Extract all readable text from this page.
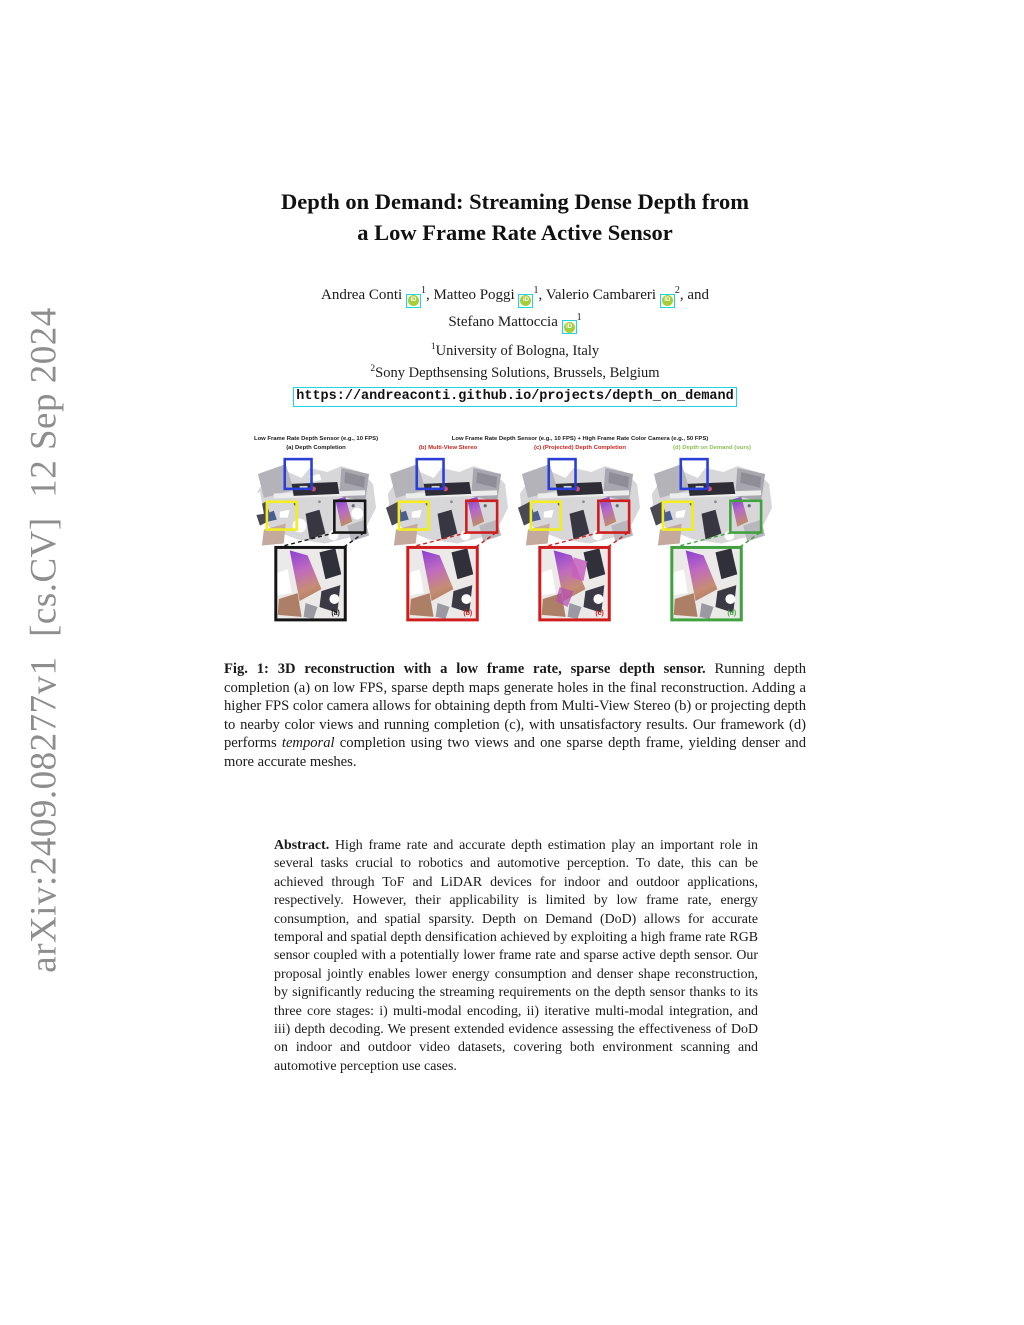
arXiv:2409.08277v1  [cs.CV]  12 Sep 2024
Depth on Demand: Streaming Dense Depth from
a Low Frame Rate Active Sensor
Andrea Conti $iD^1$, Matteo Poggi $iD^1$, Valerio Cambareri $iD^2$, and
Stefano Mattoccia $iD^1$
$^1$University of Bologna, Italy
$^2$Sony Depthsensing Solutions, Brussels, Belgium
https://andreaconti.github.io/projects/depth_on_demand
Low Frame Rate Depth Sensor (e.g., 10 FPS)	Low Frame Rate Depth Sensor (e.g., 10 FPS) + High Frame Rate Color Camera (e.g., 50 FPS)
(a) Depth Completion	(b) Multi-View Stereo	(c) (Projected) Depth Completion	(d) Depth on Demand (ours)
(a)	(b)	(c)	(d)

Fig. 1: 3D reconstruction with a low frame rate, sparse depth sensor. Running depth completion (a) on low FPS, sparse depth maps generate holes in the final reconstruction. Adding a higher FPS color camera allows for obtaining depth from Multi-View Stereo (b) or projecting depth to nearby color views and running completion (c), with unsatisfactory results. Our framework (d) performs temporal completion using two views and one sparse depth frame, yielding denser and more accurate meshes.

Abstract. High frame rate and accurate depth estimation play an important role in several tasks crucial to robotics and automotive perception. To date, this can be achieved through ToF and LiDAR devices for indoor and outdoor applications, respectively. However, their applicability is limited by low frame rate, energy consumption, and spatial sparsity. Depth on Demand (DoD) allows for accurate temporal and spatial depth densification achieved by exploiting a high frame rate RGB sensor coupled with a potentially lower frame rate and sparse active depth sensor. Our proposal jointly enables lower energy consumption and denser shape reconstruction, by significantly reducing the streaming requirements on the depth sensor thanks to its three core stages: i) multi-modal encoding, ii) iterative multi-modal integration, and iii) depth decoding. We present extended evidence assessing the effectiveness of DoD on indoor and outdoor video datasets, covering both environment scanning and automotive perception use cases.
